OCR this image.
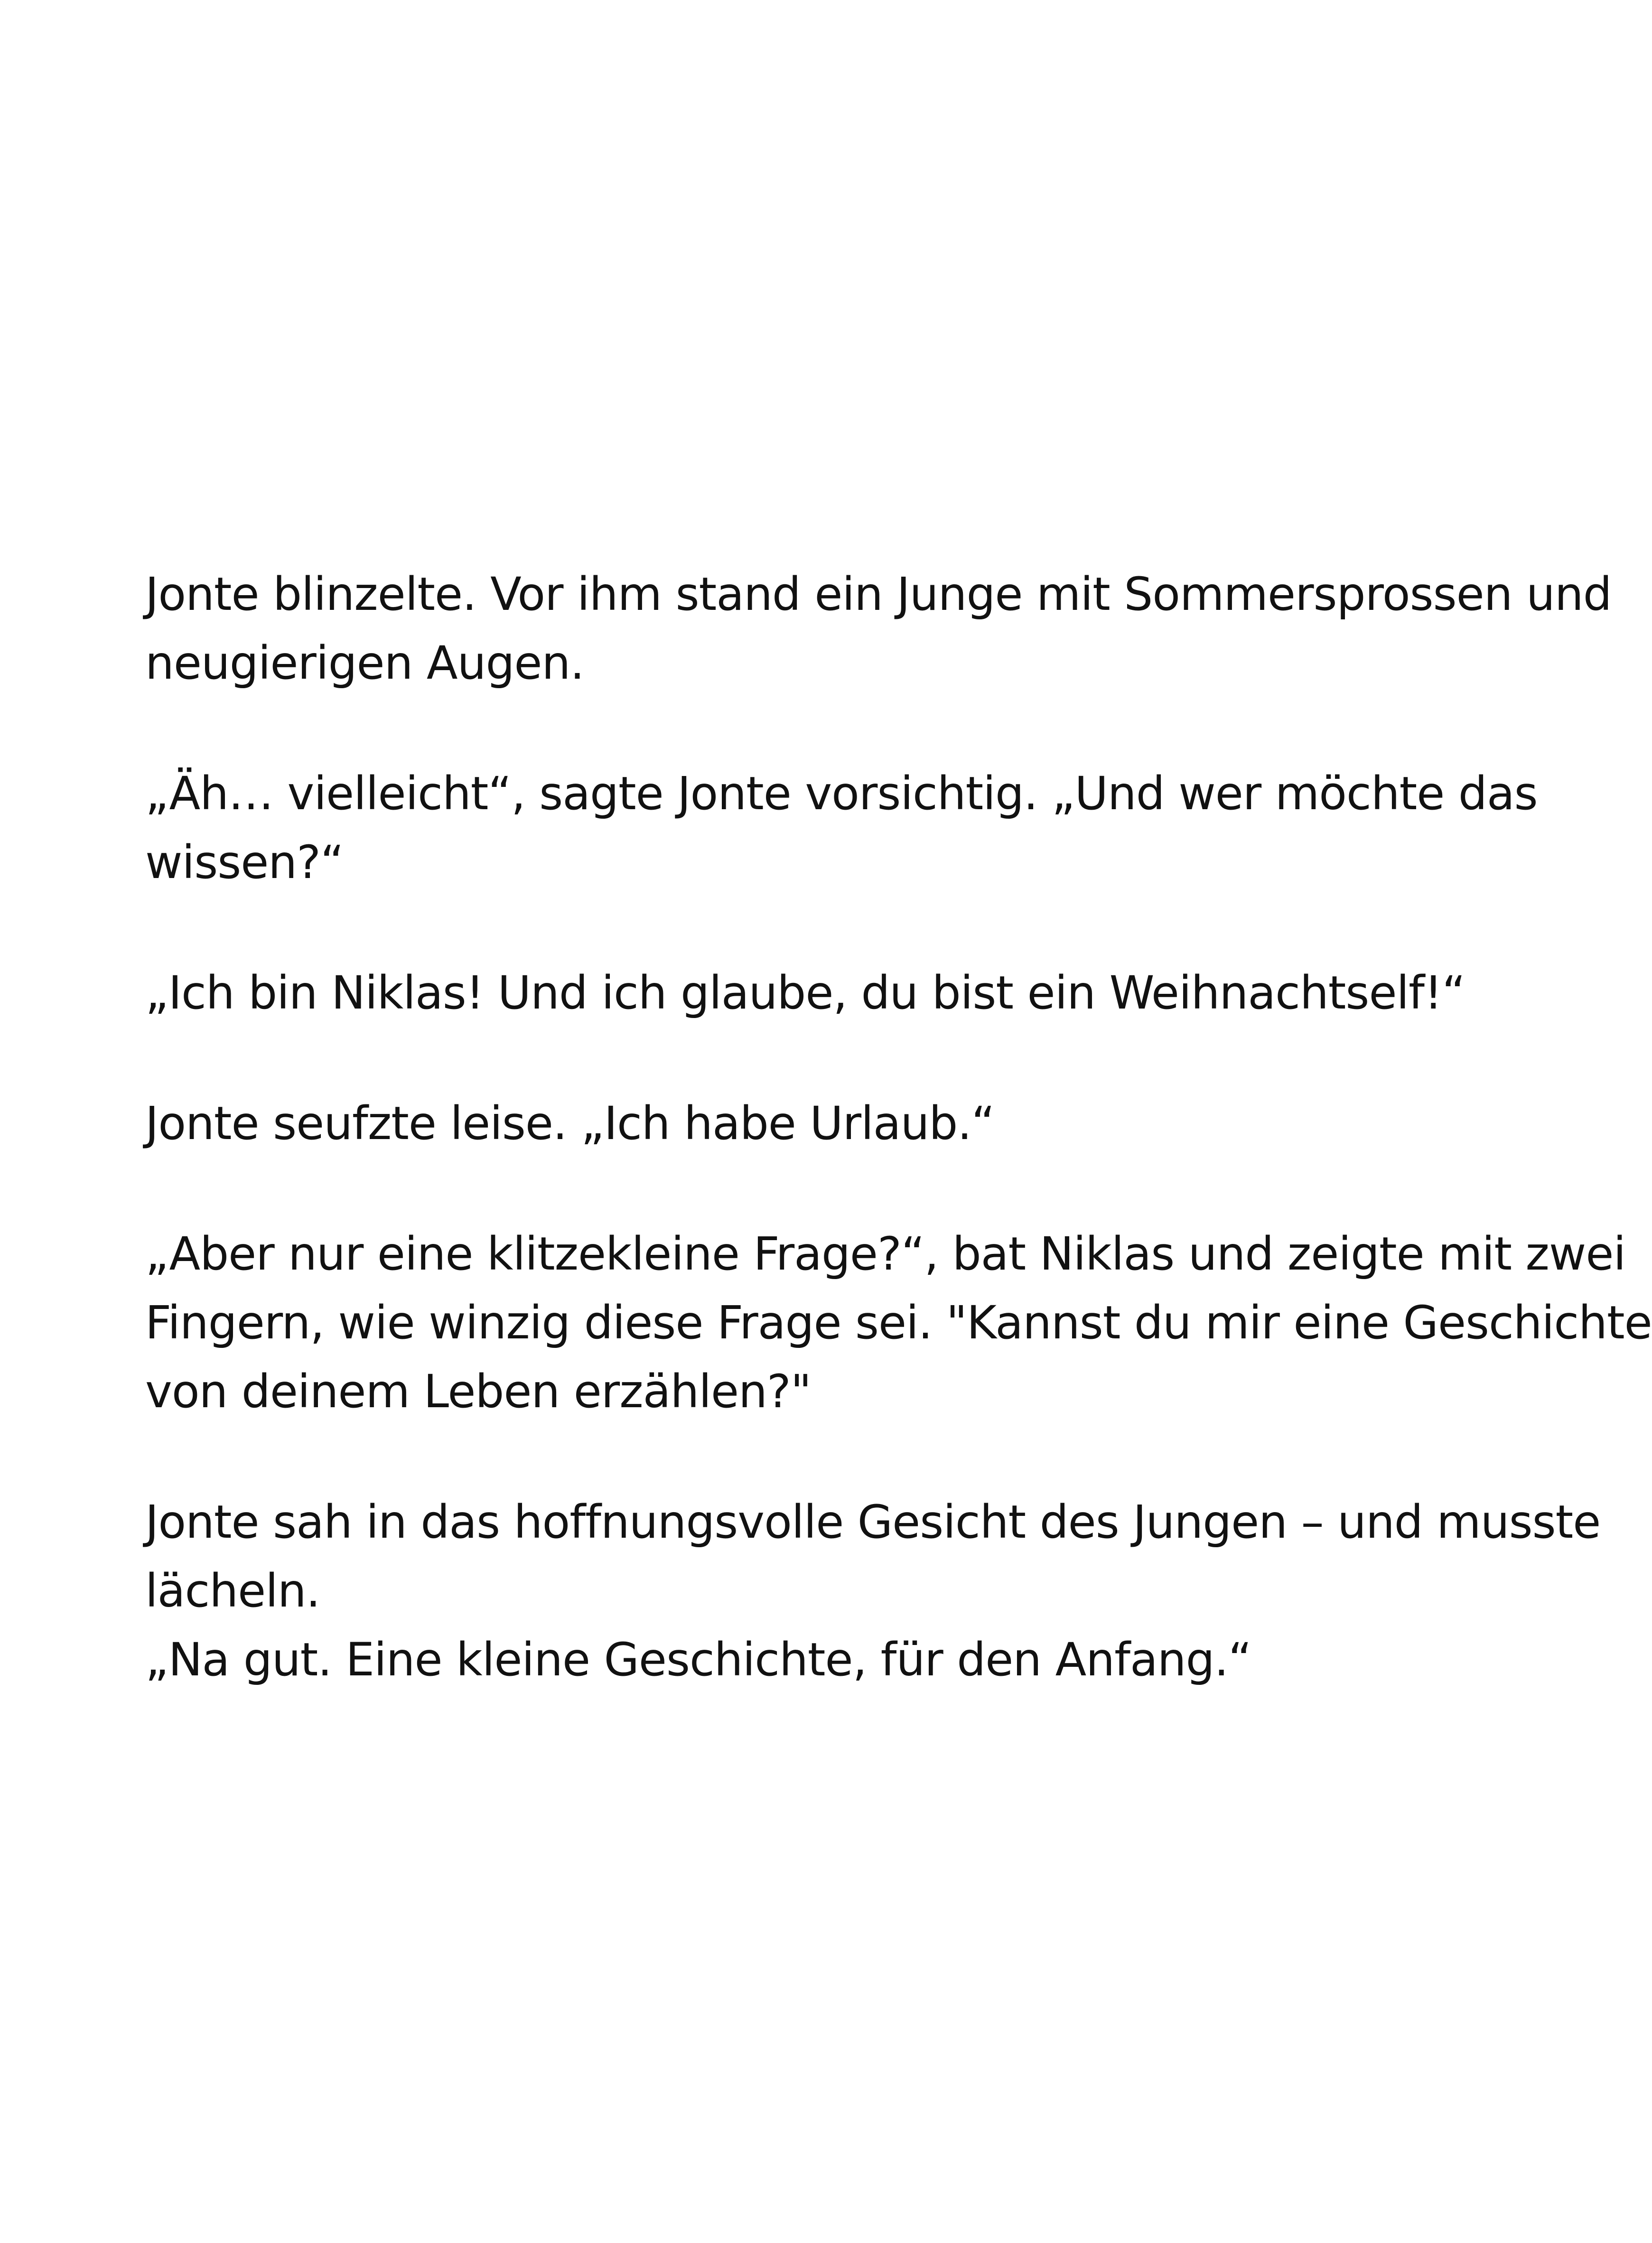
Jonte blinzelte. Vor ihm stand ein Junge mit Sommersprossen und
neugierigen Augen.

„Äh… vielleicht“, sagte Jonte vorsichtig. „Und wer möchte das
wissen?“

„Ich bin Niklas! Und ich glaube, du bist ein Weihnachtself!“

Jonte seufzte leise. „Ich habe Urlaub.“

„Aber nur eine klitzekleine Frage?“, bat Niklas und zeigte mit zwei
Fingern, wie winzig diese Frage sei. "Kannst du mir eine Geschichte
von deinem Leben erzählen?"

Jonte sah in das hoffnungsvolle Gesicht des Jungen – und musste
lächeln.
„Na gut. Eine kleine Geschichte, für den Anfang.“
